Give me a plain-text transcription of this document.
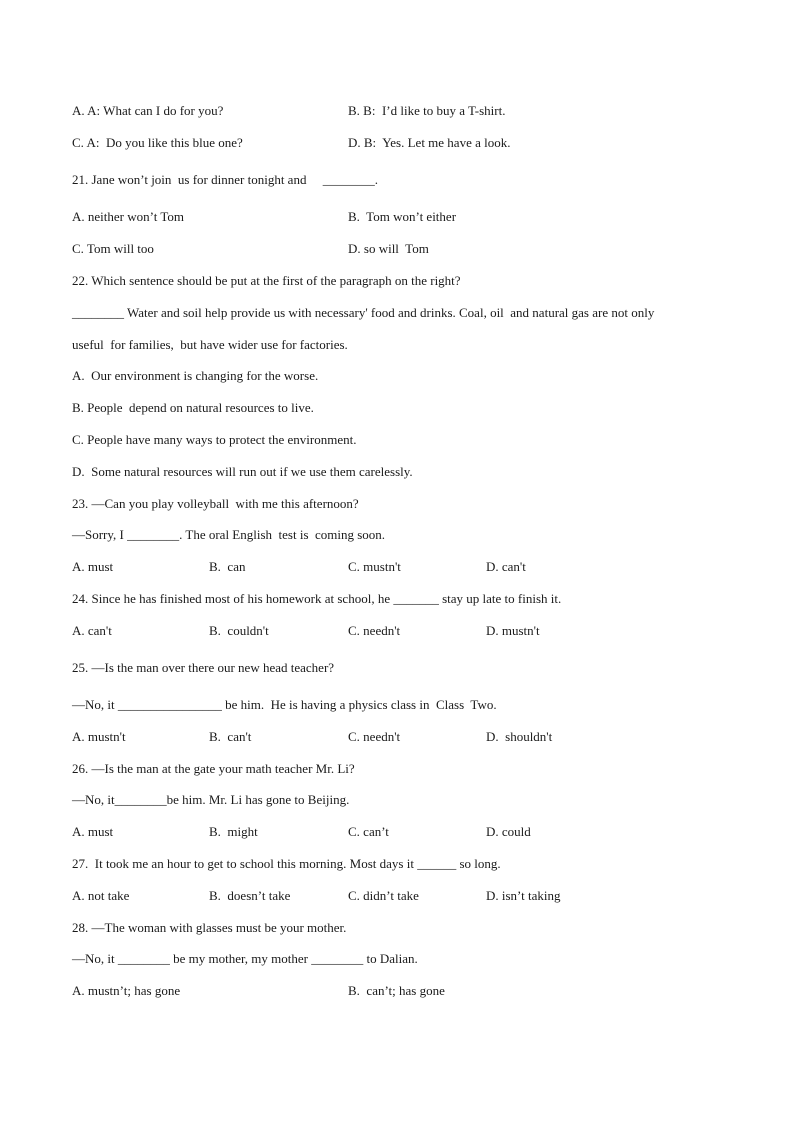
A. A: What can I do for you?	B. B:  I’d like to buy a T-shirt.
C. A:  Do you like this blue one?	D. B:  Yes. Let me have a look.
21. Jane won’t join  us for dinner tonight and     ________.
A. neither won’t Tom	B.  Tom won’t either
C. Tom will too	D. so will  Tom
22. Which sentence should be put at the first of the paragraph on the right?
________ Water and soil help provide us with necessary' food and drinks. Coal, oil  and natural gas are not only
useful  for families,  but have wider use for factories.
A.  Our environment is changing for the worse.
B. People  depend on natural resources to live.
C. People have many ways to protect the environment.
D.  Some natural resources will run out if we use them carelessly.
23. —Can you play volleyball  with me this afternoon?
—Sorry, I ________. The oral English  test is  coming soon.
A. must	B.  can	C. mustn't	D. can't
24. Since he has finished most of his homework at school, he _______ stay up late to finish it.
A. can't	B.  couldn't	C. needn't	D. mustn't
25. —Is the man over there our new head teacher?
—No, it ________________ be him.  He is having a physics class in  Class  Two.
A. mustn't	B.  can't	C. needn't	D.  shouldn't
26. —Is the man at the gate your math teacher Mr. Li?
—No, it________be him. Mr. Li has gone to Beijing.
A. must	B.  might	C. can’t	D. could
27.  It took me an hour to get to school this morning. Most days it ______ so long.
A. not take	B.  doesn’t take	C. didn’t take	D. isn’t taking
28. —The woman with glasses must be your mother.
—No, it ________ be my mother, my mother ________ to Dalian.
A. mustn’t; has gone	B.  can’t; has gone
